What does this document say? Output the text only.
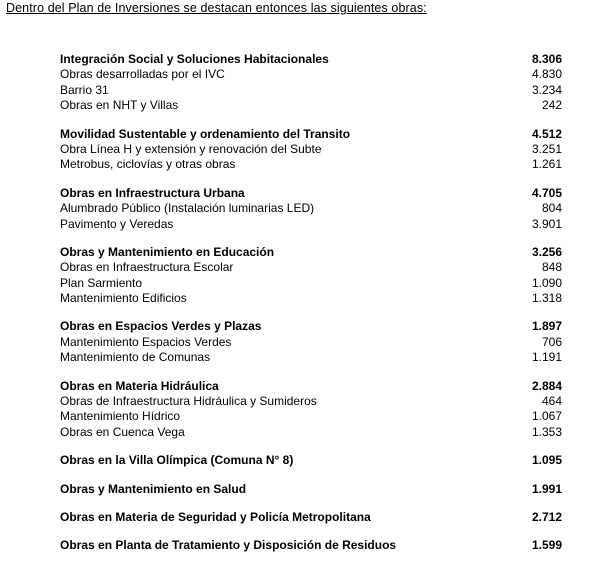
Dentro del Plan de Inversiones se destacan entonces las siguientes obras:
Integración Social y Soluciones Habitacionales	8.306
Obras desarrolladas por el IVC	4.830
Barrio 31	3.234
Obras en NHT y Villas	242
Movilidad Sustentable y ordenamiento del Transito	4.512
Obra Línea H y extensión y renovación del Subte	3.251
Metrobus, ciclovías y otras obras	1.261
Obras en Infraestructura Urbana	4.705
Alumbrado Público (Instalación luminarias LED)	804
Pavimento y Veredas	3.901
Obras y Mantenimiento en Educación	3.256
Obras en Infraestructura Escolar	848
Plan Sarmiento	1.090
Mantenimiento Edificios	1.318
Obras en Espacios Verdes y Plazas	1.897
Mantenimiento Espacios Verdes	706
Mantenimiento de Comunas	1.191
Obras en Materia Hidráulica	2.884
Obras de Infraestructura Hidráulica y Sumideros	464
Mantenimiento Hídrico	1.067
Obras en Cuenca Vega	1.353
Obras en la Villa Olímpica (Comuna N° 8)	1.095
Obras y Mantenimiento en Salud	1.991
Obras en Materia de Seguridad y Policía Metropolitana	2.712
Obras en Planta de Tratamiento y Disposición de Residuos	1.599
